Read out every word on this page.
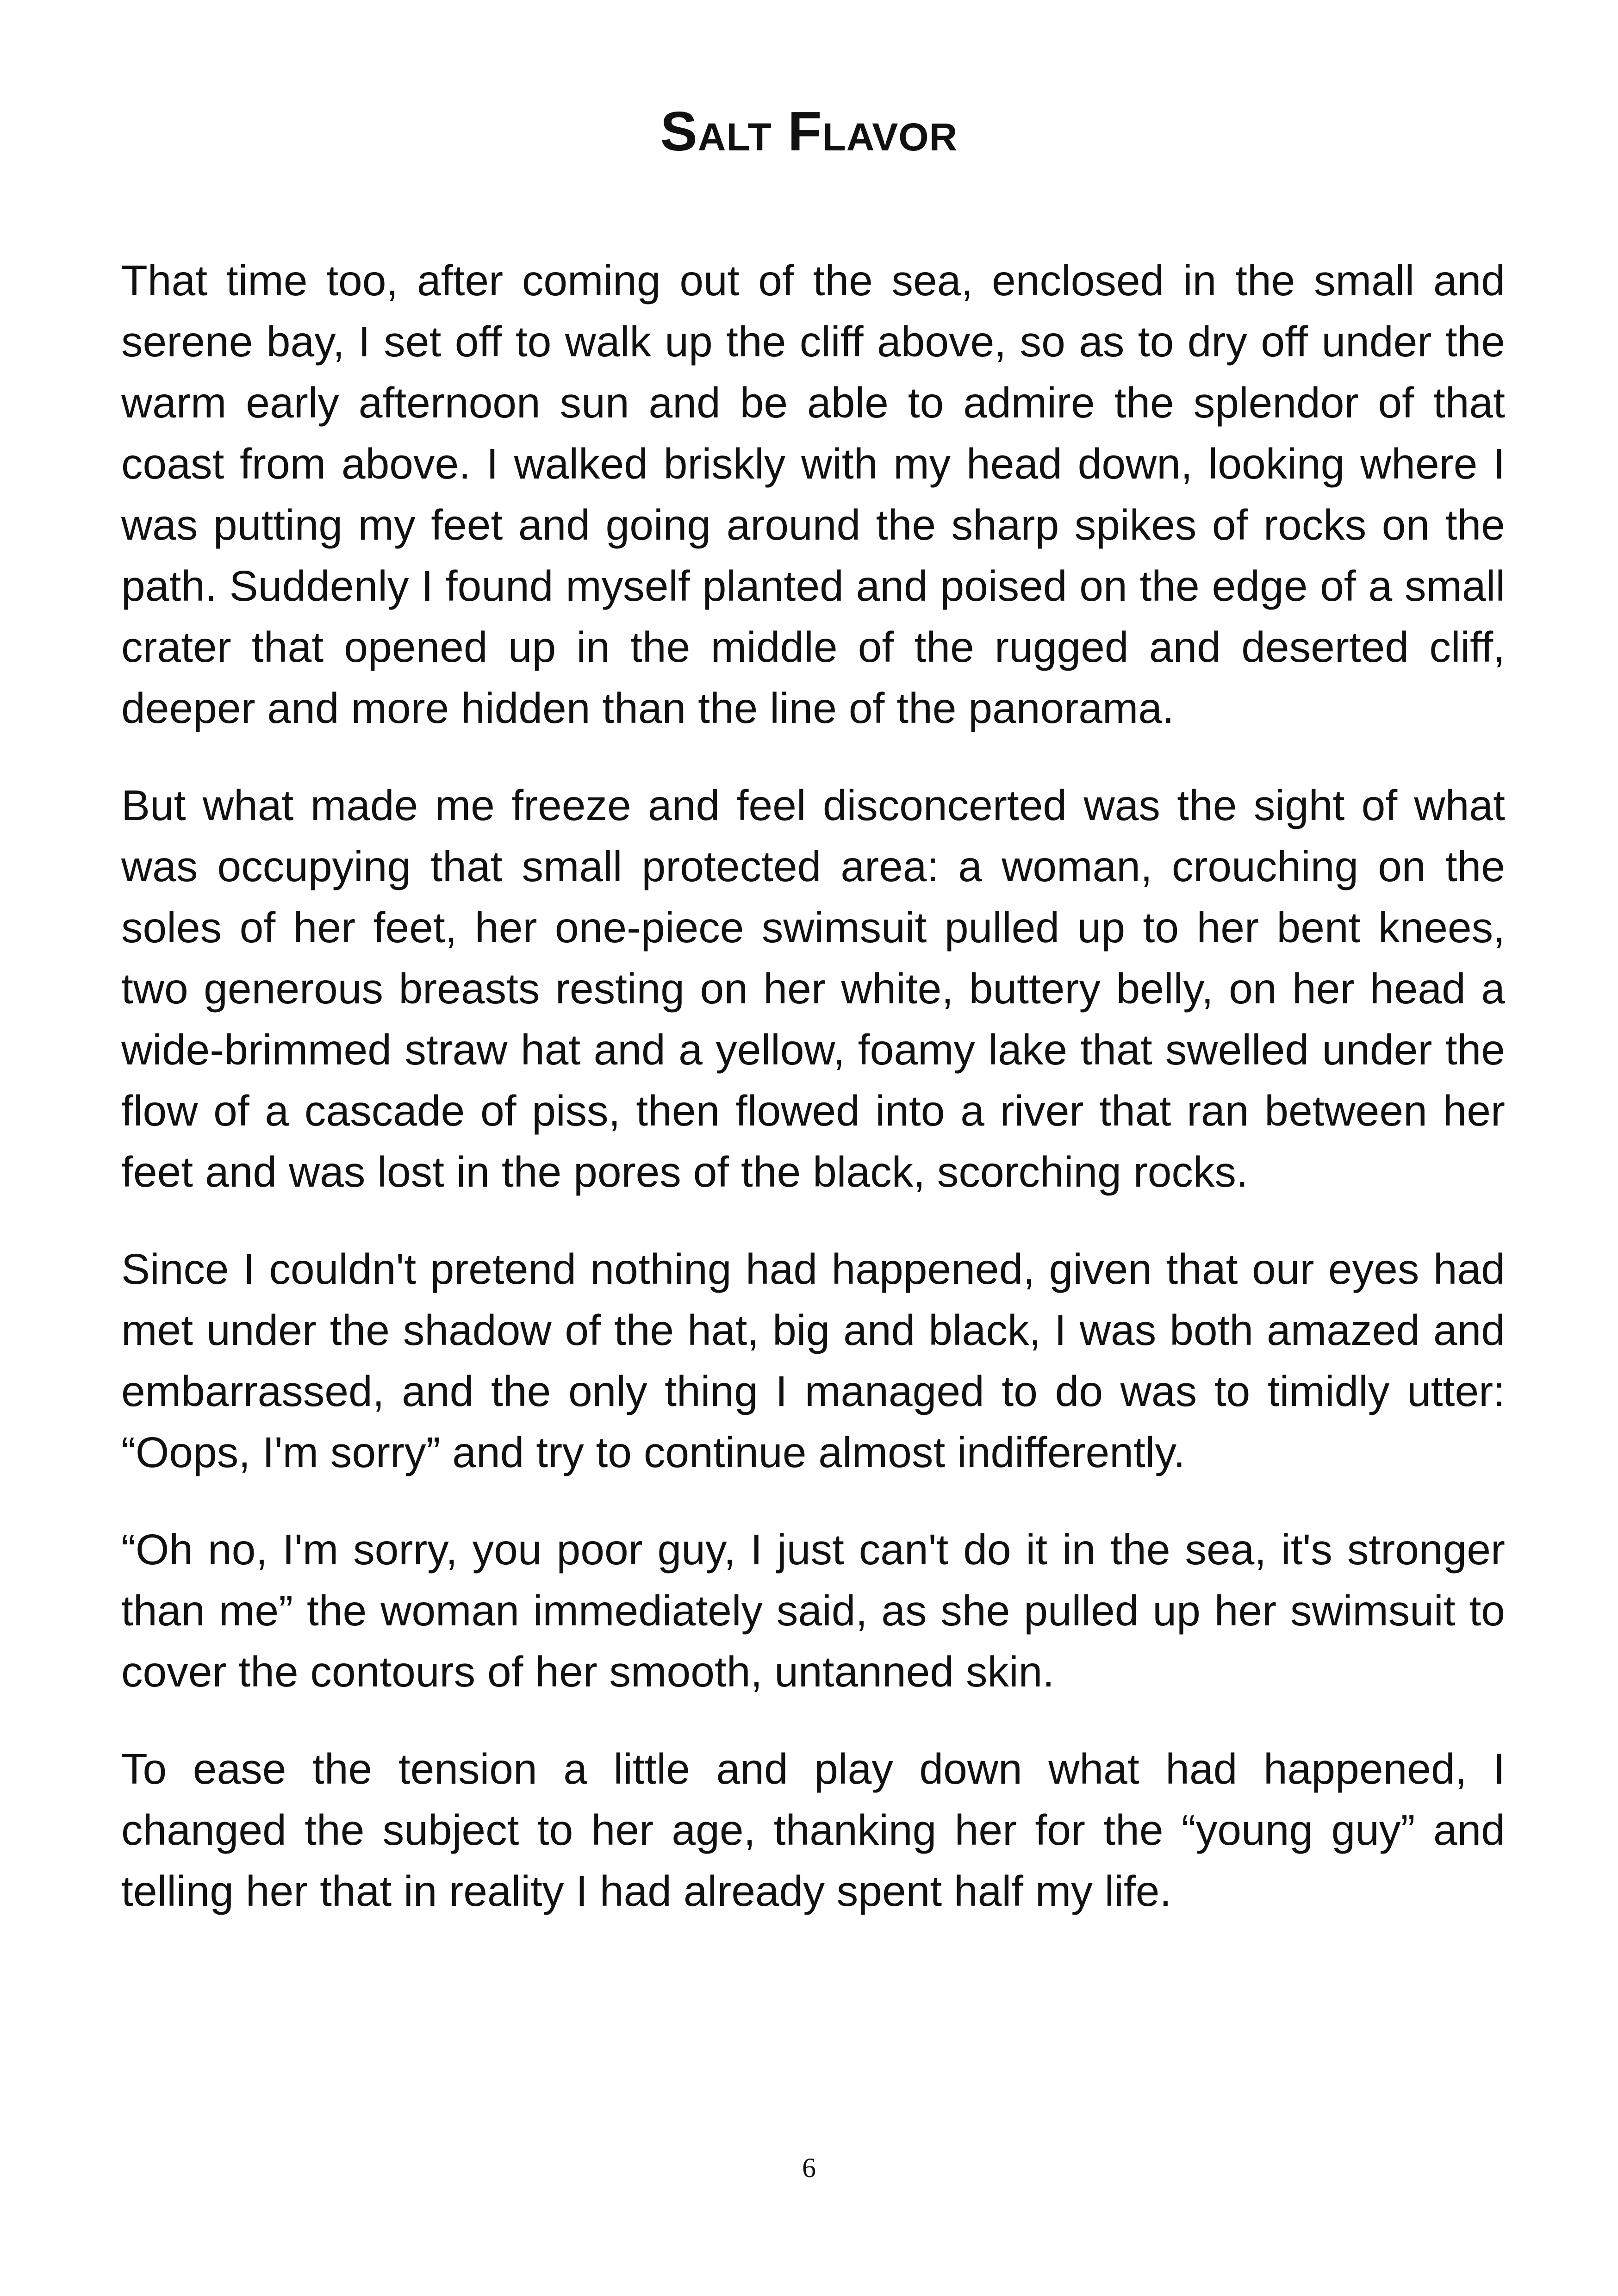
Salt Flavor

That time too, after coming out of the sea, enclosed in the small and serene bay, I set off to walk up the cliff above, so as to dry off under the warm early afternoon sun and be able to admire the splendor of that coast from above. I walked briskly with my head down, looking where I was putting my feet and going around the sharp spikes of rocks on the path. Suddenly I found myself planted and poised on the edge of a small crater that opened up in the middle of the rugged and deserted cliff, deeper and more hidden than the line of the panorama.

But what made me freeze and feel disconcerted was the sight of what was occupying that small protected area: a woman, crouching on the soles of her feet, her one-piece swimsuit pulled up to her bent knees, two generous breasts resting on her white, buttery belly, on her head a wide-brimmed straw hat and a yellow, foamy lake that swelled under the flow of a cascade of piss, then flowed into a river that ran between her feet and was lost in the pores of the black, scorching rocks.

Since I couldn't pretend nothing had happened, given that our eyes had met under the shadow of the hat, big and black, I was both amazed and embarrassed, and the only thing I managed to do was to timidly utter: “Oops, I'm sorry” and try to continue almost indifferently.

“Oh no, I'm sorry, you poor guy, I just can't do it in the sea, it's stronger than me” the woman immediately said, as she pulled up her swimsuit to cover the contours of her smooth, untanned skin.

To ease the tension a little and play down what had happened, I changed the subject to her age, thanking her for the “young guy” and telling her that in reality I had already spent half my life.

6
